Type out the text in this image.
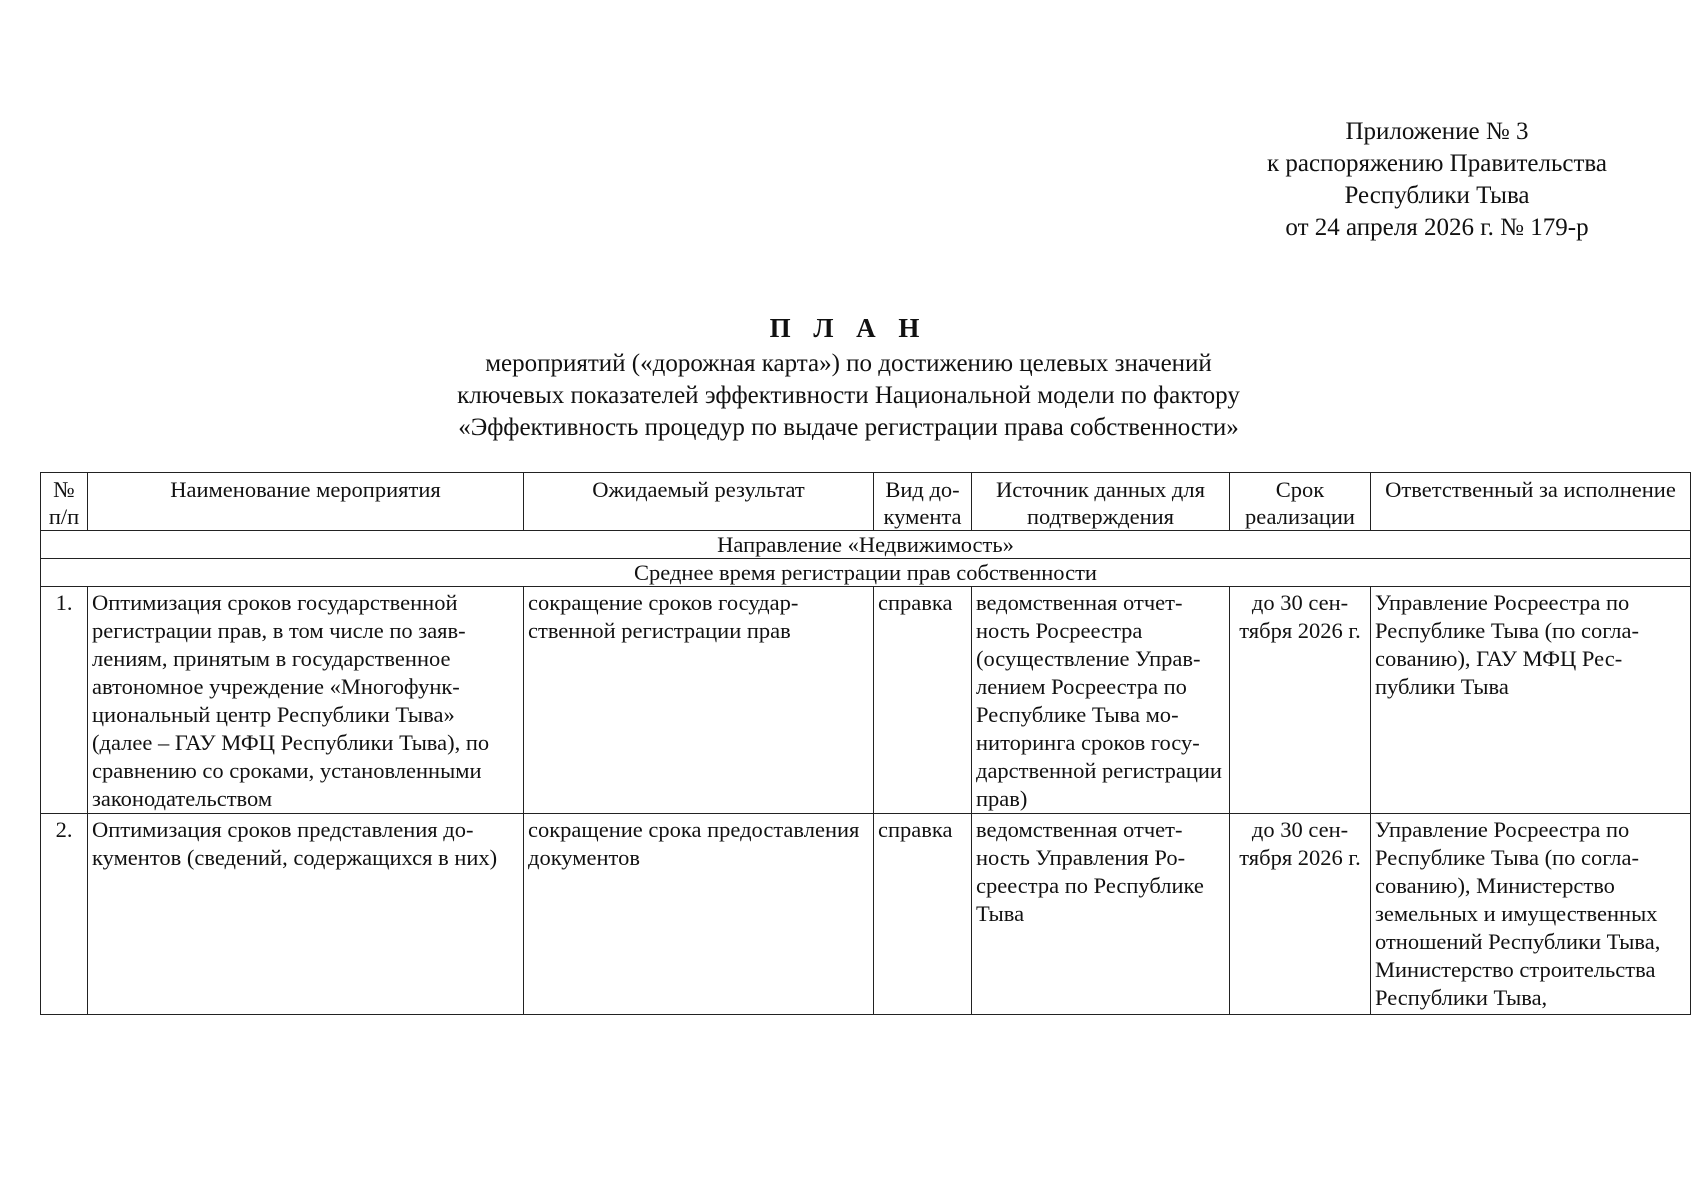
Приложение № 3
к распоряжению Правительства
Республики Тыва
от 24 апреля 2026 г. № 179-р
П Л А Н
мероприятий («дорожная карта») по достижению целевых значений
ключевых показателей эффективности Национальной модели по фактору
«Эффективность процедур по выдаче регистрации права собственности»
№ п/п	Наименование мероприятия	Ожидаемый результат	Вид документа	Источник данных для подтверждения	Срок реализации	Ответственный за исполнение
Направление «Недвижимость»						
Среднее время регистрации прав собственности						
1.	Оптимизация сроков государственной регистрации прав, в том числе по заявлениям, принятым в государственное автономное учреждение «Многофункциональный центр Республики Тыва» (далее – ГАУ МФЦ Республики Тыва), по сравнению со сроками, установленными законодательством	сокращение сроков государственной регистрации прав	справка	ведомственная отчетность Росреестра (осуществление Управлением Росреестра по Республике Тыва мониторинга сроков государственной регистрации прав)	до 30 сентября 2026 г.	Управление Росреестра по Республике Тыва (по согласованию), ГАУ МФЦ Республики Тыва
2.	Оптимизация сроков представления документов (сведений, содержащихся в них)	сокращение срока предоставления документов	справка	ведомственная отчетность Управления Росреестра по Республике Тыва	до 30 сентября 2026 г.	Управление Росреестра по Республике Тыва (по согласованию), Министерство земельных и имущественных отношений Республики Тыва, Министерство строительства Республики Тыва,
